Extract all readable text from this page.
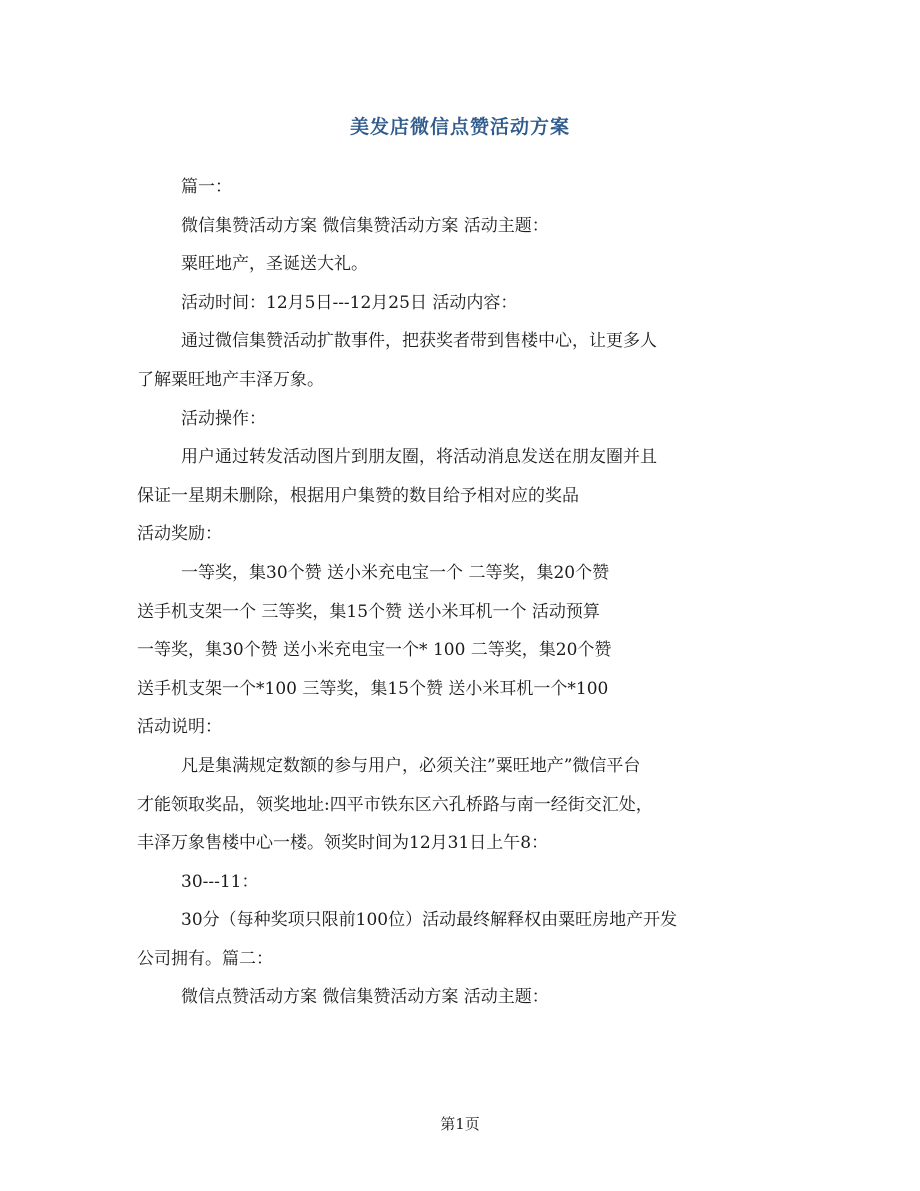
美发店微信点赞活动方案

篇一：

微信集赞活动方案 微信集赞活动方案 活动主题：

粟旺地产，圣诞送大礼。

活动时间：12月5日---12月25日 活动内容：

通过微信集赞活动扩散事件，把获奖者带到售楼中心，让更多人

了解粟旺地产丰泽万象。

活动操作：

用户通过转发活动图片到朋友圈，将活动消息发送在朋友圈并且

保证一星期未删除，根据用户集赞的数目给予相对应的奖品

活动奖励：

一等奖，集30个赞 送小米充电宝一个 二等奖，集20个赞

送手机支架一个 三等奖，集15个赞 送小米耳机一个 活动预算

一等奖，集30个赞 送小米充电宝一个* 100 二等奖，集20个赞

送手机支架一个*100 三等奖，集15个赞 送小米耳机一个*100

活动说明：

凡是集满规定数额的参与用户，必须关注”粟旺地产”微信平台

才能领取奖品，领奖地址:四平市铁东区六孔桥路与南一经街交汇处，

丰泽万象售楼中心一楼。领奖时间为12月31日上午8：

30---11：

30分（每种奖项只限前100位）活动最终解释权由粟旺房地产开发

公司拥有。篇二：

微信点赞活动方案 微信集赞活动方案 活动主题：

第1页
